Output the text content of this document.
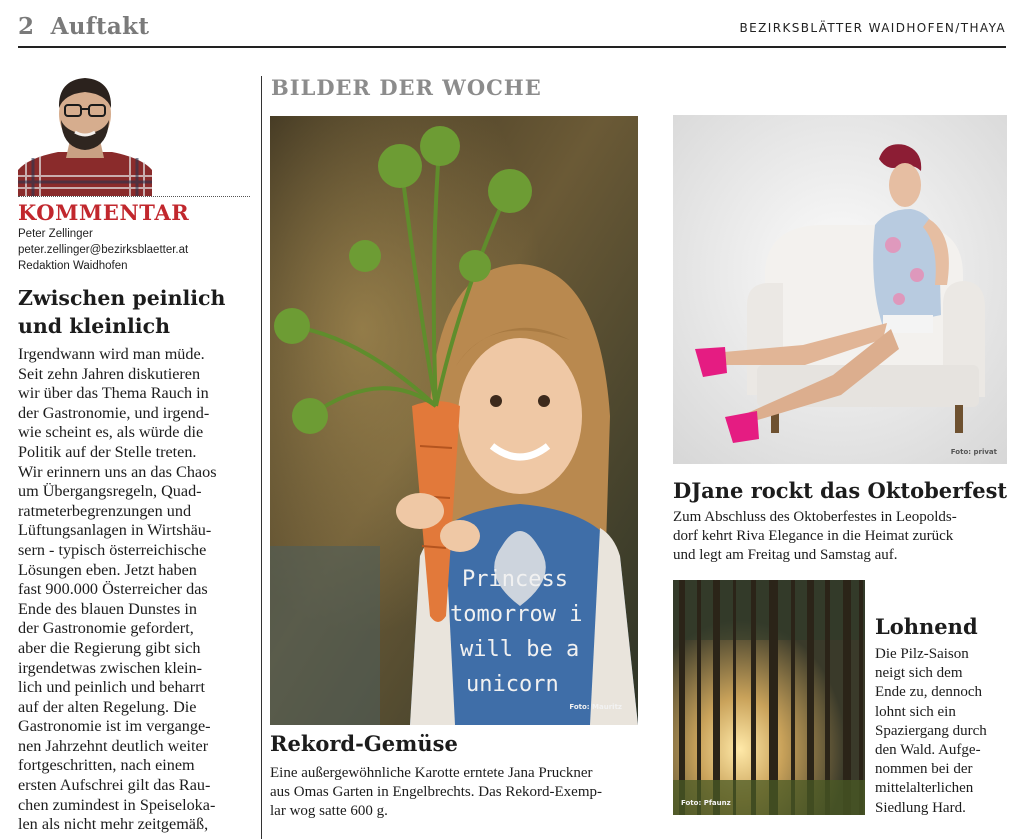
2 Auftakt	BEZIRKSBLÄTTER WAIDHOFEN/THAYA
KOMMENTAR
Peter Zellinger
peter.zellinger@bezirksblaetter.at
Redaktion Waidhofen
Zwischen peinlich
und kleinlich
Irgendwann wird man müde.
Seit zehn Jahren diskutieren
wir über das Thema Rauch in
der Gastronomie, und irgend-
wie scheint es, als würde die
Politik auf der Stelle treten.
Wir erinnern uns an das Chaos
um Übergangsregeln, Quad-
ratmeterbegrenzungen und
Lüftungsanlagen in Wirtshäu-
sern - typisch österreichische
Lösungen eben. Jetzt haben
fast 900.000 Österreicher das
Ende des blauen Dunstes in
der Gastronomie gefordert,
aber die Regierung gibt sich
irgendetwas zwischen klein-
lich und peinlich und beharrt
auf der alten Regelung. Die
Gastronomie ist im vergange-
nen Jahrzehnt deutlich weiter
fortgeschritten, nach einem
ersten Aufschrei gilt das Rau-
chen zumindest in Speiseloka-
len als nicht mehr zeitgemäß,
BILDER DER WOCHE
Princess
tomorrow i
will be a
unicorn
Foto: Mauritz
Foto: privat
Foto: Pfaunz
Rekord-Gemüse
Eine außergewöhnliche Karotte erntete Jana Pruckner
aus Omas Garten in Engelbrechts. Das Rekord-Exemp-
lar wog satte 600 g.
DJane rockt das Oktoberfest
Zum Abschluss des Oktoberfestes in Leopolds-
dorf kehrt Riva Elegance in die Heimat zurück
und legt am Freitag und Samstag auf.
Lohnend
Die Pilz-Saison
neigt sich dem
Ende zu, dennoch
lohnt sich ein
Spaziergang durch
den Wald. Aufge-
nommen bei der
mittelalterlichen
Siedlung Hard.
